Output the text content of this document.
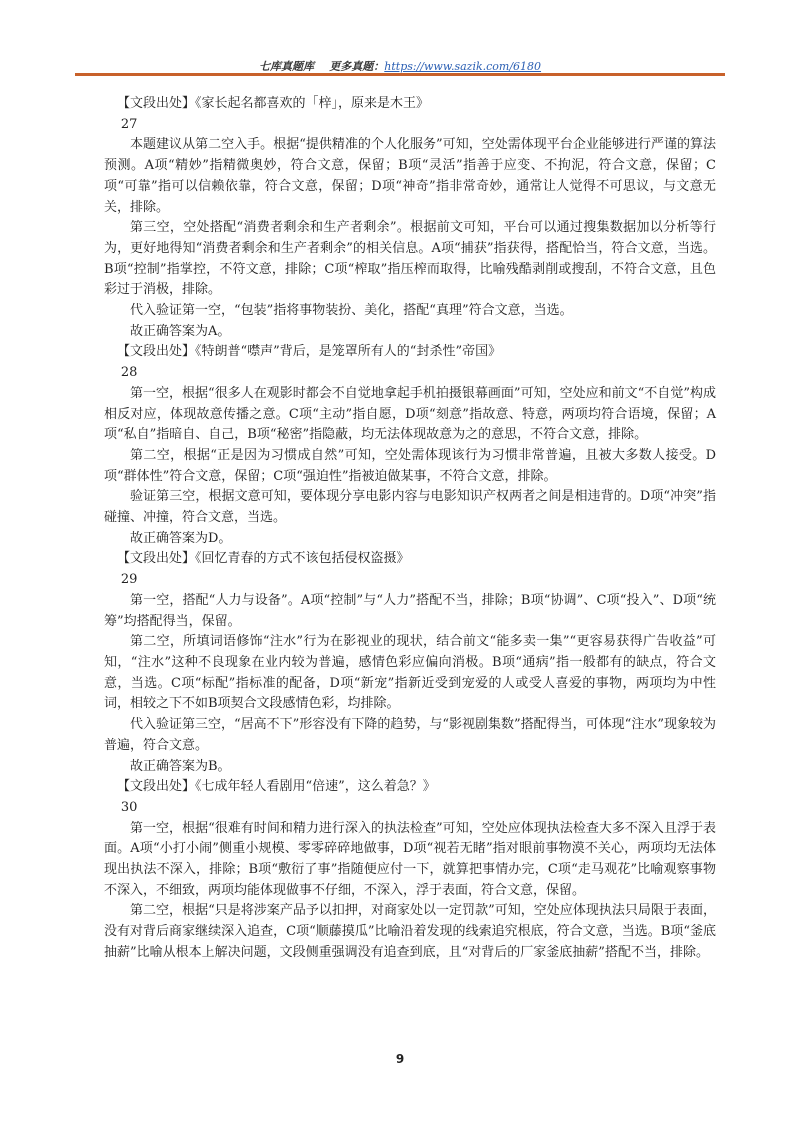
七库真题库 更多真题：https://www.sazik.com/6180

【文段出处】《家长起名都喜欢的「梓」，原来是木王》

27

本题建议从第二空入手。根据“提供精准的个人化服务”可知，空处需体现平台企业能够进行严谨的算法预测。A项“精妙”指精微奥妙，符合文意，保留；B项“灵活”指善于应变、不拘泥，符合文意，保留；C项“可靠”指可以信赖依靠，符合文意，保留；D项“神奇”指非常奇妙，通常让人觉得不可思议，与文意无关，排除。

第三空，空处搭配“消费者剩余和生产者剩余”。根据前文可知，平台可以通过搜集数据加以分析等行为，更好地得知“消费者剩余和生产者剩余”的相关信息。A项“捕获”指获得，搭配恰当，符合文意，当选。B项“控制”指掌控，不符文意，排除；C项“榨取”指压榨而取得，比喻残酷剥削或搜刮，不符合文意，且色彩过于消极，排除。

代入验证第一空，“包装”指将事物装扮、美化，搭配“真理”符合文意，当选。

故正确答案为A。

【文段出处】《特朗普“噤声”背后，是笼罩所有人的“封杀性”帝国》

28

第一空，根据“很多人在观影时都会不自觉地拿起手机拍摄银幕画面”可知，空处应和前文“不自觉”构成相反对应，体现故意传播之意。C项“主动”指自愿，D项“刻意”指故意、特意，两项均符合语境，保留；A项“私自”指暗自、自己，B项“秘密”指隐蔽，均无法体现故意为之的意思，不符合文意，排除。

第二空，根据“正是因为习惯成自然”可知，空处需体现该行为习惯非常普遍，且被大多数人接受。D项“群体性”符合文意，保留；C项“强迫性”指被迫做某事，不符合文意，排除。

验证第三空，根据文意可知，要体现分享电影内容与电影知识产权两者之间是相违背的。D项“冲突”指碰撞、冲撞，符合文意，当选。

故正确答案为D。

【文段出处】《回忆青春的方式不该包括侵权盗摄》

29

第一空，搭配“人力与设备”。A项“控制”与“人力”搭配不当，排除；B项“协调”、C项“投入”、D项“统筹”均搭配得当，保留。

第二空，所填词语修饰“注水”行为在影视业的现状，结合前文“能多卖一集”“更容易获得广告收益”可知，“注水”这种不良现象在业内较为普遍，感情色彩应偏向消极。B项“通病”指一般都有的缺点，符合文意，当选。C项“标配”指标准的配备，D项“新宠”指新近受到宠爱的人或受人喜爱的事物，两项均为中性词，相较之下不如B项契合文段感情色彩，均排除。

代入验证第三空，“居高不下”形容没有下降的趋势，与“影视剧集数”搭配得当，可体现“注水”现象较为普遍，符合文意。

故正确答案为B。

【文段出处】《七成年轻人看剧用“倍速”，这么着急？》

30

第一空，根据“很难有时间和精力进行深入的执法检查”可知，空处应体现执法检查大多不深入且浮于表面。A项“小打小闹”侧重小规模、零零碎碎地做事，D项“视若无睹”指对眼前事物漠不关心，两项均无法体现出执法不深入，排除；B项“敷衍了事”指随便应付一下，就算把事情办完，C项“走马观花”比喻观察事物不深入，不细致，两项均能体现做事不仔细，不深入，浮于表面，符合文意，保留。

第二空，根据“只是将涉案产品予以扣押，对商家处以一定罚款”可知，空处应体现执法只局限于表面，没有对背后商家继续深入追查，C项“顺藤摸瓜”比喻沿着发现的线索追究根底，符合文意，当选。B项“釜底抽薪”比喻从根本上解决问题，文段侧重强调没有追查到底，且“对背后的厂家釜底抽薪”搭配不当，排除。

9
